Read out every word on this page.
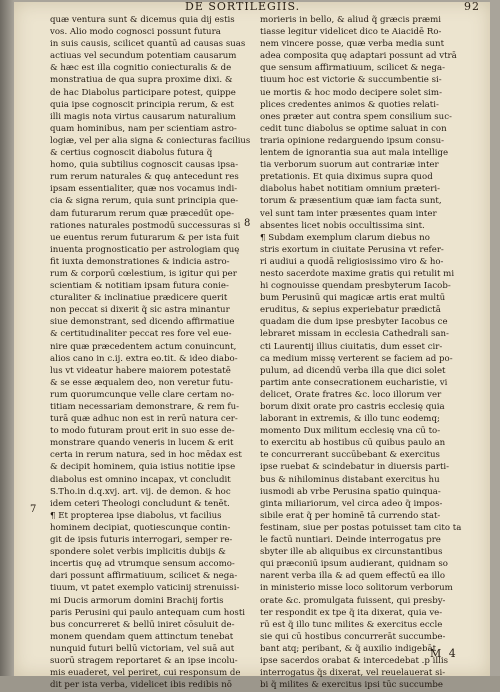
DE SORTILEGIIS.	92
quæ ventura sunt & dicemus quia dij estis
vos. Alio modo cognosci possunt futura
in suis causis, scilicet quantū ad causas suas
actiuas vel secundum potentiam causarum
& hæc est illa cognitio coniecturalis & de
monstratiua de qua supra proxime dixi. &
de hac Diabolus participare potest, quippe
quia ipse cognoscit principia rerum, & est
illi magis nota virtus causarum naturalium
quam hominibus, nam per scientiam astro-
logiæ, vel per alia signa & coniecturas facilius
& certius cognoscit diabolus futura q̃
homo, quia subtilius cognoscit causas ipsa-
rum rerum naturales & quę antecedunt res
ipsam essentialiter, quæ nos vocamus indi-
cia & signa rerum, quia sunt principia que-
dam futurarum rerum quæ præcedūt ope-
rationes naturales postmodū successuras si
ue euentus rerum futurarum & per ista fuit
inuenta prognosticatio per astrologiam quę
fit iuxta demonstrationes & indicia astro-
rum & corporū cœlestium, is igitur qui per
scientiam & notitiam ipsam futura conie-
cturaliter & inclinatiue prædicere querit
non peccat si dixerit q̃ sic astra minantur
siue demonstrant, sed dicendo affirmatiue
& certitudinaliter peccat res fore vel eue-
nire quæ præcedentem actum conuincunt,
alios cano in c.ij. extra eo.tit. & ideo diabo-
lus vt videatur habere maiorem potestatē
& se esse æqualem deo, non veretur futu-
rum quorumcunque velle clare certam no-
titiam necessariam demonstrare, & rem fu-
turā quæ adhuc non est in rerū natura cer-
to modo futuram prout erit in suo esse de-
monstrare quando veneris in lucem & erit
certa in rerum natura, sed in hoc mēdax est
& decipit hominem, quia istius notitie ipse
diabolus est omnino incapax, vt concludit
S.Tho.in d.q.xvj. art. vij. de demon. & hoc
idem ceteri Theologi concludunt & tenēt.
¶ Et propterea ipse diabolus, vt facilius
hominem decipiat, quotiescunque contin-
git de ipsis futuris interrogari, semper re-
spondere solet verbis implicitis dubijs &
incertis quę ad vtrumque sensum accomo-
dari possunt affirmatiuum, scilicet & nega-
tiuum, vt patet exemplo vaticinij strenuissi-
mi Ducis armorum domini Brachij fortis
paris Perusini qui paulo antequam cum hosti
bus concurreret & bellū iniret cōsuluit de-
monem quendam quem attinctum tenebat
nunquid futuri bellū victoriam, vel suā aut
suorū stragem reportaret & an ipse incolu-
mis euaderet, vel periret, cui responsum de
dit per ista verba, videlicet ibis redibis nō
morieris in bello, & aliud q̃ græcis præmi
tiasse legitur videlicet dico te Aiacidē Ro-
nem vincere posse, quæ verba media sunt
adea composita quę adaptari possunt ad vtrā
que sensum affirmatiuum, scilicet & nega-
tiuum hoc est victorie & succumbentie si-
ue mortis & hoc modo decipere solet sim-
plices credentes animos & quoties relati-
ones præter aut contra spem consilium suc-
cedit tunc diabolus se optime saluat in con
traria opinione redarguendo ipsum consu-
lentem de ignorantia sua aut mala intellige
tia verborum suorum aut contrariæ inter
pretationis. Et quia diximus supra quod
diabolus habet notitiam omnium præteri-
torum & præsentium quæ iam facta sunt,
vel sunt tam inter præsentes quam inter
absentes licet nobis occultissima sint.
¶ Subdam exemplum clarum diebus no
stris exortum in ciuitate Perusina vt refer-
ri audiui a quodā religiosissimo viro & ho-
nesto sacerdote maxime gratis qui retulit mi
hi cognouisse quendam presbyterum Iacob-
bum Perusinū qui magicæ artis erat multū
eruditus, & sepius experiebatur prædictā
quadam die dum ipse presbyter Iacobus ce
lebraret missam in ecclesia Cathedrali san-
cti Laurentij illius ciuitatis, dum esset cir-
ca medium missę verterent se faciem ad po-
pulum, ad dicendū verba illa que dici solet
partim ante consecrationem eucharistie, vi
delicet, Orate fratres &c. loco illorum ver
borum dixit orate pro castris ecclesię quia
laborant in extremis, & illo tunc eodemq;
momento Dux militum ecclesię vna cū to-
to exercitu ab hostibus cū quibus paulo an
te concurrerant succūbebant & exercitus
ipse ruebat & scindebatur in diuersis parti-
bus & nihilominus distabant exercitus hu
iusmodi ab vrbe Perusina spatio quinqua-
ginta miliariorum, vel circa adeo q̃ impos-
sibile erat q̃ per hominē tā currendo stat-
festinam, siue per postas potuisset tam cito ta
le factū nuntiari. Deinde interrogatus pre
sbyter ille ab aliquibus ex circunstantibus
qui præconiū ipsum audierant, quidnam so
narent verba illa & ad quem effectū ea illo
in ministerio misse loco solitorum verborum
orate &c. promulgata fuissent, qui presby-
ter respondit ex tpe q̃ ita dixerat, quia ve-
rū est q̃ illo tunc milites & exercitus eccle
sie qui cū hostibus concurrerāt succumbe-
bant atq; peribant, & q̃ auxilio indigebāt
ipse sacerdos orabat & intercedebat .p illis
interrogatus q̃s dixerat, vel reuelauerat si-
bi q̃ milites & exercitus ipsi tūc succumbe
7
8
M 4
